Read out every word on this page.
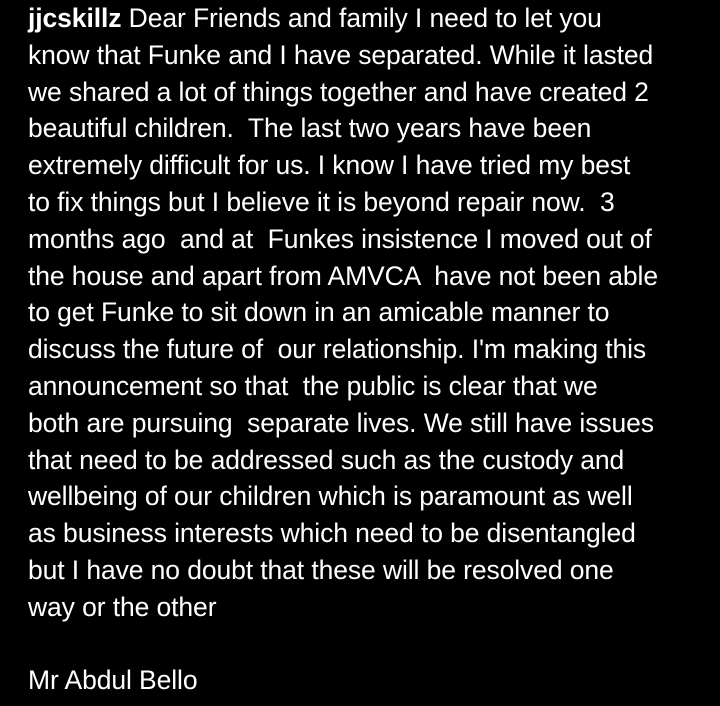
jjcskillz Dear Friends and family I need to let you
know that Funke and I have separated. While it lasted
we shared a lot of things together and have created 2
beautiful children.  The last two years have been
extremely difficult for us. I know I have tried my best
to fix things but I believe it is beyond repair now.  3
months ago  and at  Funkes insistence I moved out of
the house and apart from AMVCA  have not been able
to get Funke to sit down in an amicable manner to
discuss the future of  our relationship. I'm making this
announcement so that  the public is clear that we
both are pursuing  separate lives. We still have issues
that need to be addressed such as the custody and
wellbeing of our children which is paramount as well
as business interests which need to be disentangled
but I have no doubt that these will be resolved one
way or the other
Mr Abdul Bello
